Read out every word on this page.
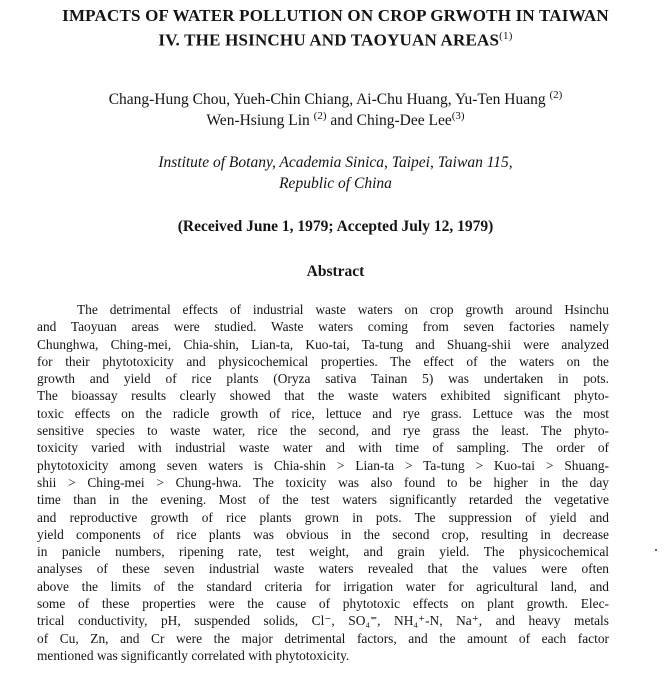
IMPACTS OF WATER POLLUTION ON CROP GRWOTH IN TAIWAN
IV. THE HSINCHU AND TAOYUAN AREAS$^{(1)}$
Chang-Hung Chou, Yueh-Chin Chiang, Ai-Chu Huang, Yu-Ten Huang $^{(2)}$
Wen-Hsiung Lin $^{(2)}$ and Ching-Dee Lee$^{(3)}$
Institute of Botany, Academia Sinica, Taipei, Taiwan 115,
Republic of China
(Received June 1, 1979; Accepted July 12, 1979)
Abstract
The detrimental effects of industrial waste waters on crop growth around Hsinchu
and Taoyuan areas were studied. Waste waters coming from seven factories namely
Chunghwa, Ching-mei, Chia-shin, Lian-ta, Kuo-tai, Ta-tung and Shuang-shii were analyzed
for their phytotoxicity and physicochemical properties. The effect of the waters on the
growth and yield of rice plants (Oryza sativa Tainan 5) was undertaken in pots.
The bioassay results clearly showed that the waste waters exhibited significant phyto-
toxic effects on the radicle growth of rice, lettuce and rye grass. Lettuce was the most
sensitive species to waste water, rice the second, and rye grass the least. The phyto-
toxicity varied with industrial waste water and with time of sampling. The order of
phytotoxicity among seven waters is Chia-shin > Lian-ta > Ta-tung > Kuo-tai > Shuang-
shii > Ching-mei > Chung-hwa. The toxicity was also found to be higher in the day
time than in the evening. Most of the test waters significantly retarded the vegetative
and reproductive growth of rice plants grown in pots. The suppression of yield and
yield components of rice plants was obvious in the second crop, resulting in decrease
in panicle numbers, ripening rate, test weight, and grain yield. The physicochemical
analyses of these seven industrial waste waters revealed that the values were often
above the limits of the standard criteria for irrigation water for agricultural land, and
some of these properties were the cause of phytotoxic effects on plant growth. Elec-
trical conductivity, pH, suspended solids, Cl⁻, SO₄⁼, NH₄⁺-N, Na⁺, and heavy metals
of Cu, Zn, and Cr were the major detrimental factors, and the amount of each factor
mentioned was significantly correlated with phytotoxicity.
